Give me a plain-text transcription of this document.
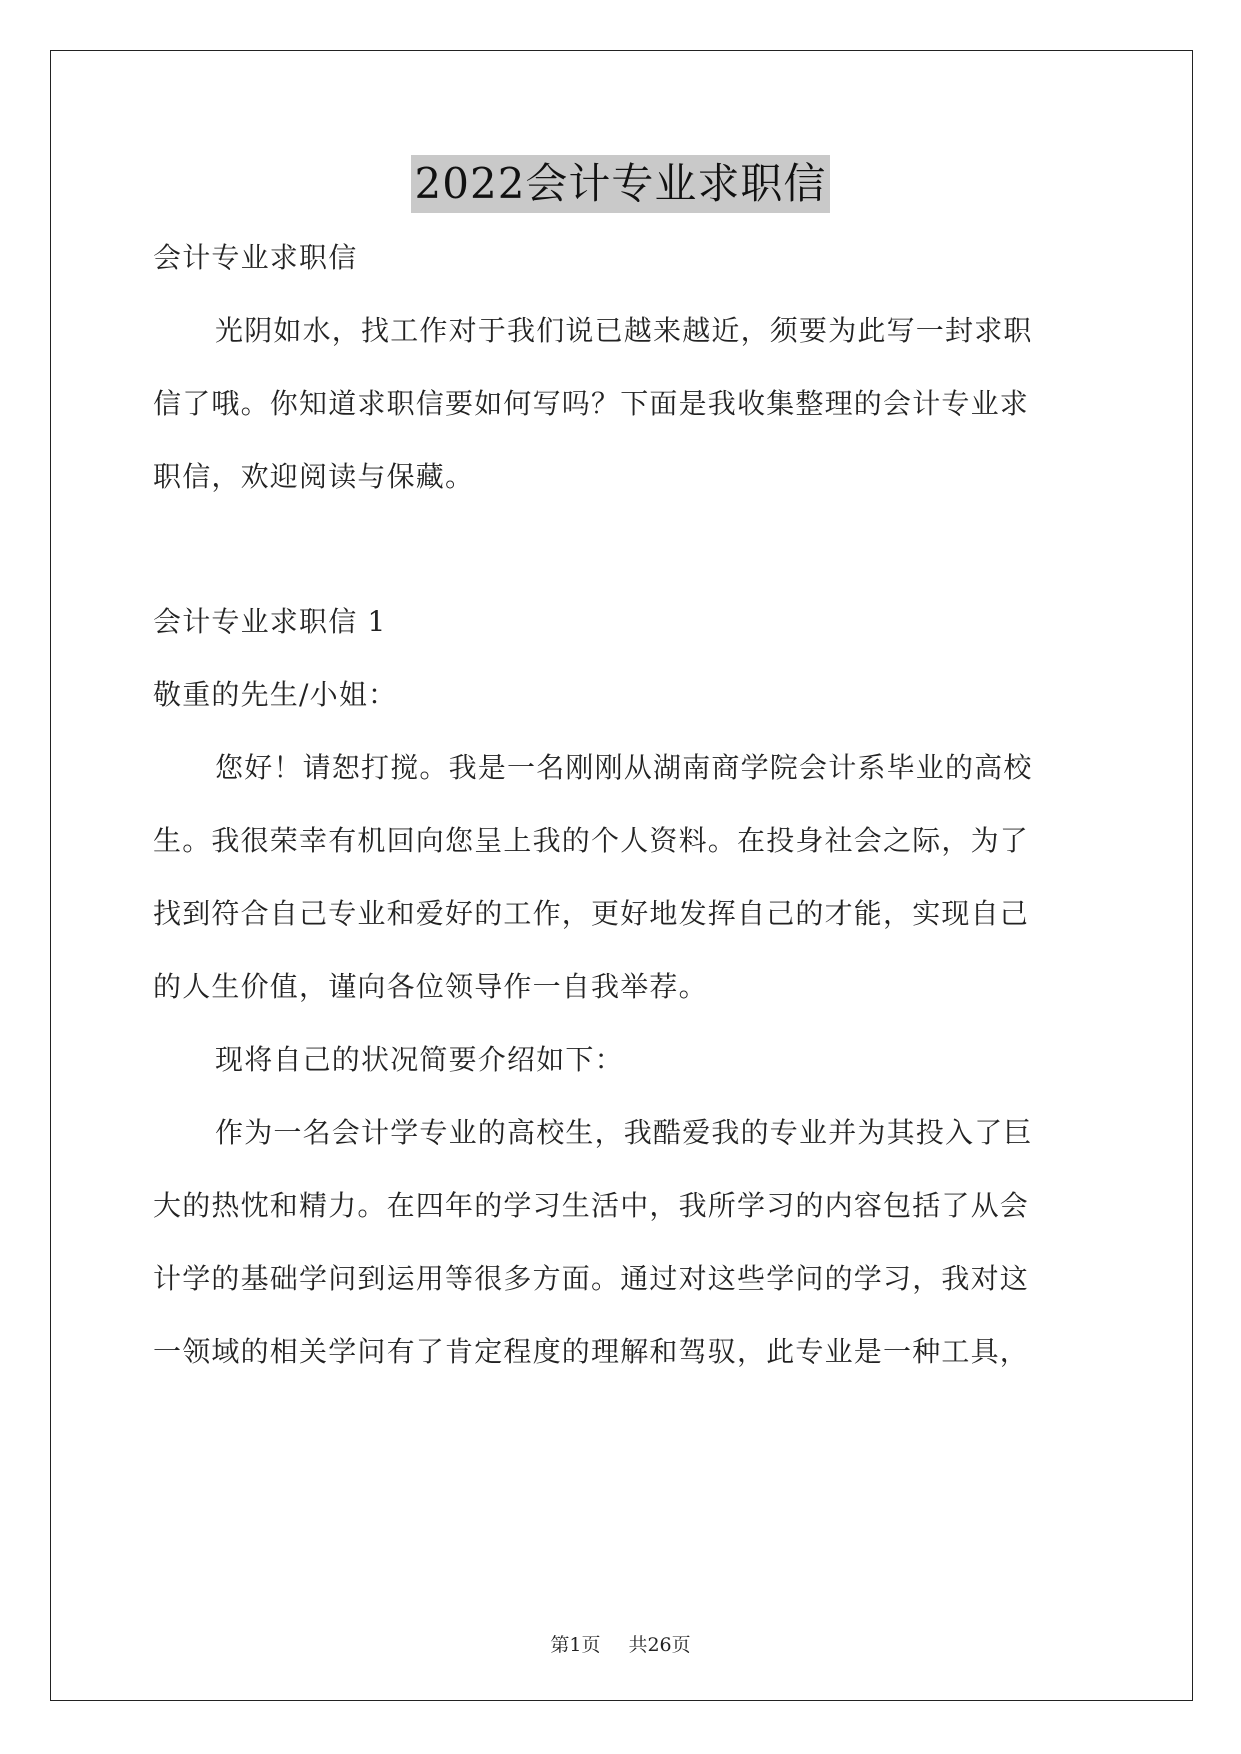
2022会计专业求职信
会计专业求职信
光阴如水，找工作对于我们说已越来越近，须要为此写一封求职
信了哦。你知道求职信要如何写吗？下面是我收集整理的会计专业求
职信，欢迎阅读与保藏。
会计专业求职信 1
敬重的先生/小姐：
您好！请恕打搅。我是一名刚刚从湖南商学院会计系毕业的高校
生。我很荣幸有机回向您呈上我的个人资料。在投身社会之际，为了
找到符合自己专业和爱好的工作，更好地发挥自己的才能，实现自己
的人生价值，谨向各位领导作一自我举荐。
现将自己的状况简要介绍如下：
作为一名会计学专业的高校生，我酷爱我的专业并为其投入了巨
大的热忱和精力。在四年的学习生活中，我所学习的内容包括了从会
计学的基础学问到运用等很多方面。通过对这些学问的学习，我对这
一领域的相关学问有了肯定程度的理解和驾驭，此专业是一种工具，
第1页 共26页
